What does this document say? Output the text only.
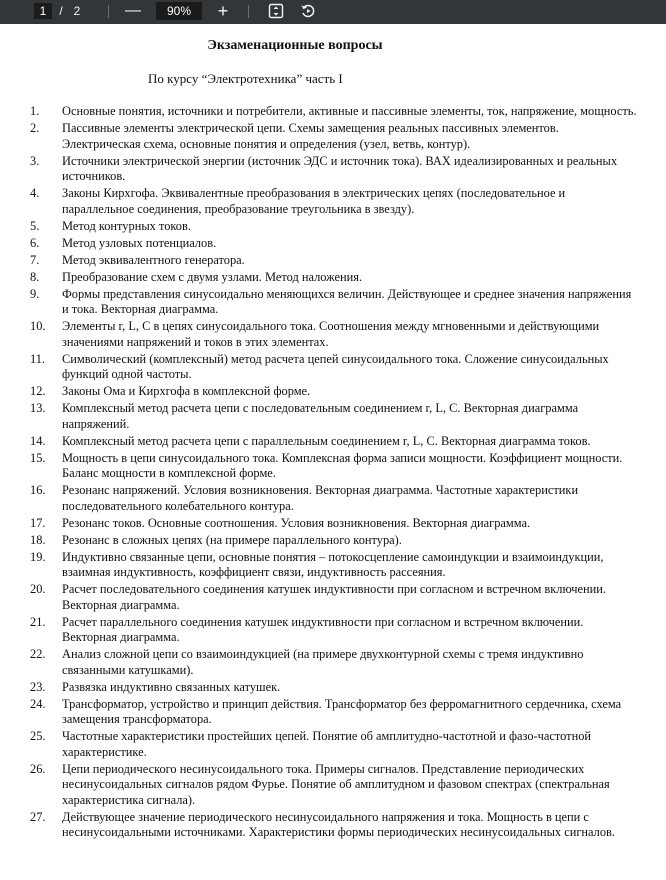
1	/ 2	—	90%	+
Экзаменационные вопросы
По курсу “Электротехника” часть I
1. Основные понятия, источники и потребители, активные и пассивные элементы, ток, напряжение, мощность.
2. Пассивные элементы электрической цепи. Схемы замещения реальных пассивных элементов. Электрическая схема, основные понятия и определения (узел, ветвь, контур).
3. Источники электрической энергии (источник ЭДС и источник тока). ВАХ идеализированных и реальных источников.
4. Законы Кирхгофа. Эквивалентные преобразования в электрических цепях (последовательное и параллельное соединения, преобразование треугольника в звезду).
5. Метод контурных токов.
6. Метод узловых потенциалов.
7. Метод эквивалентного генератора.
8. Преобразование схем с двумя узлами. Метод наложения.
9. Формы представления синусоидально меняющихся величин. Действующее и среднее значения напряжения и тока. Векторная диаграмма.
10. Элементы r, L, C в цепях синусоидального тока. Соотношения между мгновенными и действующими значениями напряжений и токов в этих элементах.
11. Символический (комплексный) метод расчета цепей синусоидального тока. Сложение синусоидальных функций одной частоты.
12. Законы Ома и Кирхгофа в комплексной форме.
13. Комплексный метод расчета цепи с последовательным соединением r, L, C. Векторная диаграмма напряжений.
14. Комплексный метод расчета цепи с параллельным соединением r, L, C. Векторная диаграмма токов.
15. Мощность в цепи синусоидального тока. Комплексная форма записи мощности. Коэффициент мощности. Баланс мощности в комплексной форме.
16. Резонанс напряжений. Условия возникновения. Векторная диаграмма. Частотные характеристики последовательного колебательного контура.
17. Резонанс токов. Основные соотношения. Условия возникновения. Векторная диаграмма.
18. Резонанс в сложных цепях (на примере параллельного контура).
19. Индуктивно связанные цепи, основные понятия – потокосцепление самоиндукции и взаимоиндукции, взаимная индуктивность, коэффициент связи, индуктивность рассеяния.
20. Расчет последовательного соединения катушек индуктивности при согласном и встречном включении. Векторная диаграмма.
21. Расчет параллельного соединения катушек индуктивности при согласном и встречном включении. Векторная диаграмма.
22. Анализ сложной цепи со взаимоиндукцией (на примере двухконтурной схемы с тремя индуктивно связанными катушками).
23. Развязка индуктивно связанных катушек.
24. Трансформатор, устройство и принцип действия. Трансформатор без ферромагнитного сердечника, схема замещения трансформатора.
25. Частотные характеристики простейших цепей. Понятие об амплитудно-частотной и фазо-частотной характеристике.
26. Цепи периодического несинусоидального тока. Примеры сигналов. Представление периодических несинусоидальных сигналов рядом Фурье. Понятие об амплитудном и фазовом спектрах (спектральная характеристика сигнала).
27. Действующее значение периодического несинусоидального напряжения и тока. Мощность в цепи с несинусоидальными источниками. Характеристики формы периодических несинусоидальных сигналов.
